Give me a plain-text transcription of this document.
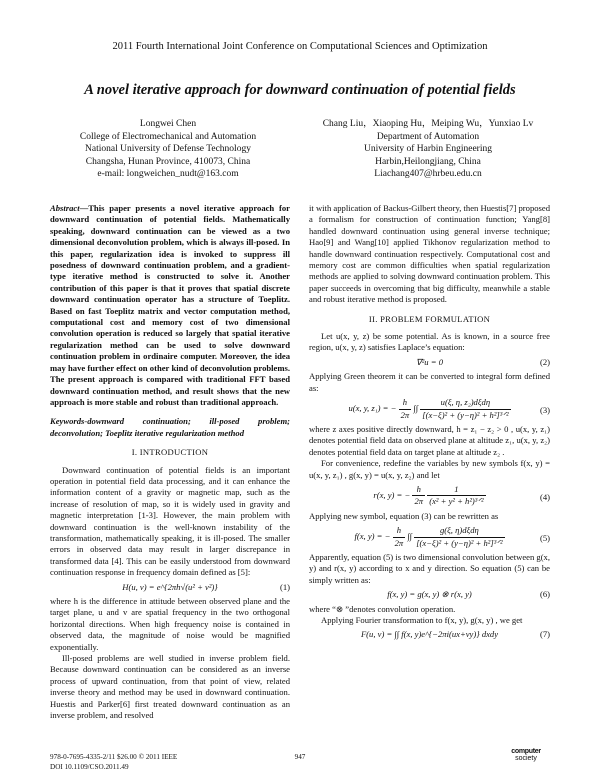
2011 Fourth International Joint Conference on Computational Sciences and Optimization
A novel iterative approach for downward continuation of potential fields
Longwei Chen
College of Electromechanical and Automation
National University of Defense Technology
Changsha, Hunan Province, 410073, China
e-mail: longweichen_nudt@163.com
Chang Liu，Xiaoping Hu，Meiping Wu，Yunxiao Lv
Department of Automation
University of Harbin Engineering
Harbin,Heilongjiang, China
Liachang407@hrbeu.edu.cn

Abstract—This paper presents a novel iterative approach for downward continuation of potential fields. Mathematically speaking, downward continuation can be viewed as a two dimensional deconvolution problem, which is always ill-posed. In this paper, regularization idea is invoked to suppress ill posedness of downward continuation problem, and a gradient-type iterative method is constructed to solve it. Another contribution of this paper is that it proves that spatial discrete downward continuation operator has a structure of Toeplitz. Based on fast Toeplitz matrix and vector computation method, computational cost and memory cost of two dimensional convolution operation is reduced so largely that spatial iterative regularization method can be used to solve downward continuation problem in ordinaire computer. Moreover, the idea may have further effect on other kind of deconvolution problems. The present approach is compared with traditional FFT based downward continuation method, and result shows that the new approach is more stable and robust than traditional approach.

Keywords-downward continuation; ill-posed problem; deconvolution; Toeplitz iterative regularization method

I. INTRODUCTION

Downward continuation of potential fields is an important operation in potential field data processing, and it can enhance the information content of a gravity or magnetic map, such as the increase of resolution of map, so it is widely used in gravity and magnetic interpretation [1-3]. However, the main problem with downward continuation is the well-known instability of the transformation, mathematically speaking, it is ill-posed. The smaller errors in observed data may result in larger discrepance in transformed data [4]. This can be easily understood from downward continuation response in frequency domain defined as [5]:

H(u, v) = e^{2πh√(u² + v²)}	(1)

where h is the difference in attitude between observed plane and the target plane, u and v are spatial frequency in the two orthogonal horizontal directions. When high frequency noise is contained in observed data, the magnitude of noise would be magnified exponentially.

Ill-posed problems are well studied in inverse problem field. Because downward continuation can be considered as an inverse process of upward continuation, from that point of view, related inverse theory and method may be used in downward continuation. Huestis and Parker[6] first treated downward continuation as an inverse problem, and resolved

it with application of Backus-Gilbert theory, then Huestis[7] proposed a formalism for construction of continuation function; Yang[8] handled downward continuation using general inverse technique; Hao[9] and Wang[10] applied Tikhonov regularization method to handle downward continuation respectively. Computational cost and memory cost are common difficulties when spatial regularization methods are applied to solving downward continuation problem. This paper succeeds in overcoming that big difficulty, meanwhile a stable and robust iterative method is proposed.

II. PROBLEM FORMULATION

Let u(x, y, z) be some potential. As is known, in a source free region, u(x, y, z) satisfies Laplace’s equation:

∇²u = 0	(2)

Applying Green theorem it can be converted to integral form defined as:

u(x, y, z₁) = − $\frac{h}{2\pi}$ ∫∫ $\frac{\text{u(ξ, η, z₂)dξdη}}{\text{[(x−ξ)² + (y−η)² + h²]³ᐟ²}}$	(3)

where z axes positive directly downward, h = z₁ − z₂ > 0 , u(x, y, z₁) denotes potential field data on observed plane at altitude z₁, u(x, y, z₂) denotes potential field data on target plane at altitude z₂ .

For convenience, redefine the variables by new symbols f(x, y) = u(x, y, z₁) , g(x, y) = u(x, y, z₂) and let

r(x, y) = − $\frac{h}{2\pi}$
$\frac{1}{\text{(x² + y² + h²)³ᐟ²}}$	(4)

Applying new symbol, equation (3) can be rewritten as

f(x, y) = − $\frac{h}{2\pi}$ ∫∫ $\frac{\text{g(ξ, η)dξdη}}{\text{[(x−ξ)² + (y−η)² + h²]³ᐟ²}}$	(5)

Apparently, equation (5) is two dimensional convolution between g(x, y) and r(x, y) according to x and y direction. So equation (5) can be simply written as:

f(x, y) = g(x, y) ⊗ r(x, y)	(6)

where “⊗ ”denotes convolution operation.

Applying Fourier transformation to f(x, y), g(x, y) , we get

F(u, v) = ∫∫ f(x, y)e^{−2πi(ux+vy)} dxdy	(7)

978-0-7695-4335-2/11 $26.00 © 2011 IEEE
DOI 10.1109/CSO.2011.49
947
computer
society
